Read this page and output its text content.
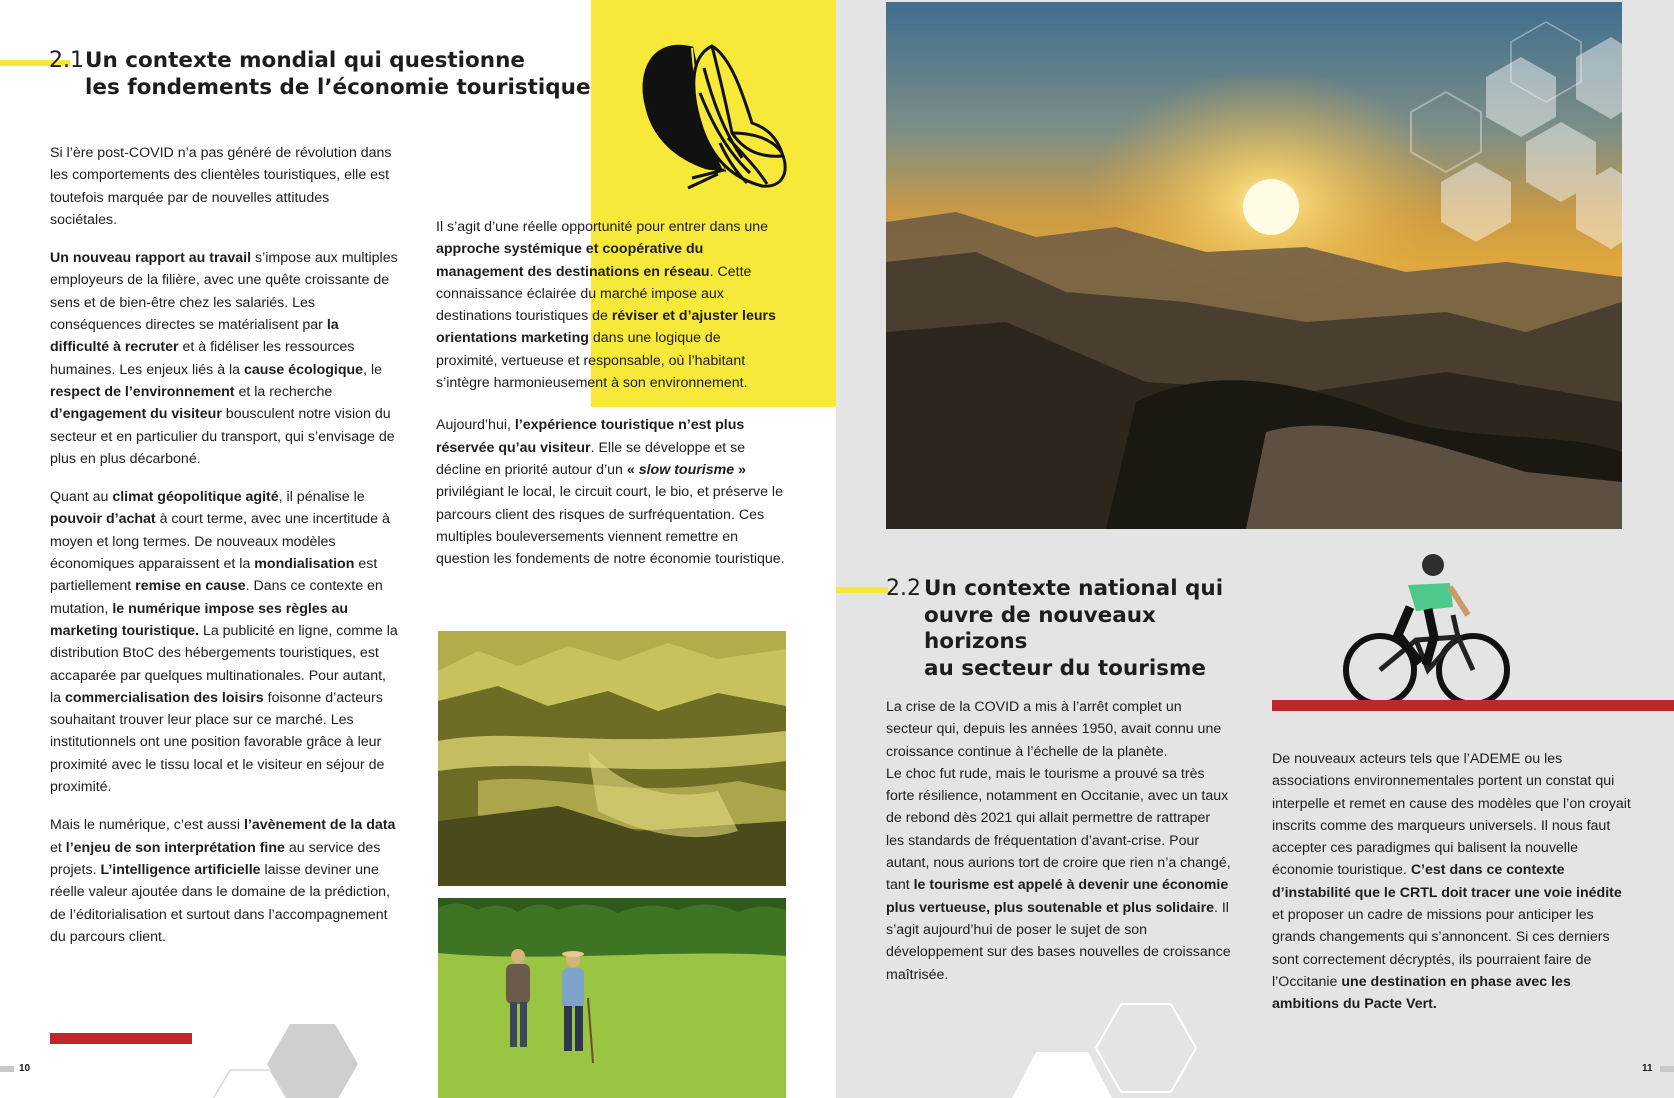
2.1 Un contexte mondial qui questionne
les fondements de l’économie touristique

Si l’ère post-COVID n’a pas généré de révolution dans les comportements des clientèles touristiques, elle est toutefois marquée par de nouvelles attitudes sociétales.

Un nouveau rapport au travail s’impose aux multiples employeurs de la filière, avec une quête croissante de sens et de bien-être chez les salariés. Les conséquences directes se matérialisent par la difficulté à recruter et à fidéliser les ressources humaines. Les enjeux liés à la cause écologique, le respect de l’environnement et la recherche d’engagement du visiteur bousculent notre vision du secteur et en particulier du transport, qui s’envisage de plus en plus décarboné.

Quant au climat géopolitique agité, il pénalise le pouvoir d’achat à court terme, avec une incertitude à moyen et long termes. De nouveaux modèles économiques apparaissent et la mondialisation est partiellement remise en cause. Dans ce contexte en mutation, le numérique impose ses règles au marketing touristique. La publicité en ligne, comme la distribution BtoC des hébergements touristiques, est accaparée par quelques multinationales. Pour autant, la commercialisation des loisirs foisonne d’acteurs souhaitant trouver leur place sur ce marché. Les institutionnels ont une position favorable grâce à leur proximité avec le tissu local et le visiteur en séjour de proximité.

Mais le numérique, c’est aussi l’avènement de la data et l’enjeu de son interprétation fine au service des projets. L’intelligence artificielle laisse deviner une réelle valeur ajoutée dans le domaine de la prédiction, de l’éditorialisation et surtout dans l’accompagnement du parcours client.

Il s’agit d’une réelle opportunité pour entrer dans une approche systémique et coopérative du management des destinations en réseau. Cette connaissance éclairée du marché impose aux destinations touristiques de réviser et d’ajuster leurs orientations marketing dans une logique de proximité, vertueuse et responsable, où l’habitant s’intègre harmonieusement à son environnement.

Aujourd’hui, l’expérience touristique n’est plus réservée qu’au visiteur. Elle se développe et se décline en priorité autour d’un « slow tourisme » privilégiant le local, le circuit court, le bio, et préserve le parcours client des risques de surfréquentation. Ces multiples bouleversements viennent remettre en question les fondements de notre économie touristique.

10
2.2 Un contexte national qui
ouvre de nouveaux horizons
au secteur du tourisme

La crise de la COVID a mis à l’arrêt complet un secteur qui, depuis les années 1950, avait connu une croissance continue à l’échelle de la planète.
Le choc fut rude, mais le tourisme a prouvé sa très forte résilience, notamment en Occitanie, avec un taux de rebond dès 2021 qui allait permettre de rattraper les standards de fréquentation d’avant-crise. Pour autant, nous aurions tort de croire que rien n’a changé, tant le tourisme est appelé à devenir une économie plus vertueuse, plus soutenable et plus solidaire. Il s’agit aujourd’hui de poser le sujet de son développement sur des bases nouvelles de croissance maîtrisée.

De nouveaux acteurs tels que l’ADEME ou les associations environnementales portent un constat qui interpelle et remet en cause des modèles que l’on croyait inscrits comme des marqueurs universels. Il nous faut accepter ces paradigmes qui balisent la nouvelle économie touristique. C’est dans ce contexte d’instabilité que le CRTL doit tracer une voie inédite et proposer un cadre de missions pour anticiper les grands changements qui s’annoncent. Si ces derniers sont correctement décryptés, ils pourraient faire de l’Occitanie une destination en phase avec les ambitions du Pacte Vert.

11
